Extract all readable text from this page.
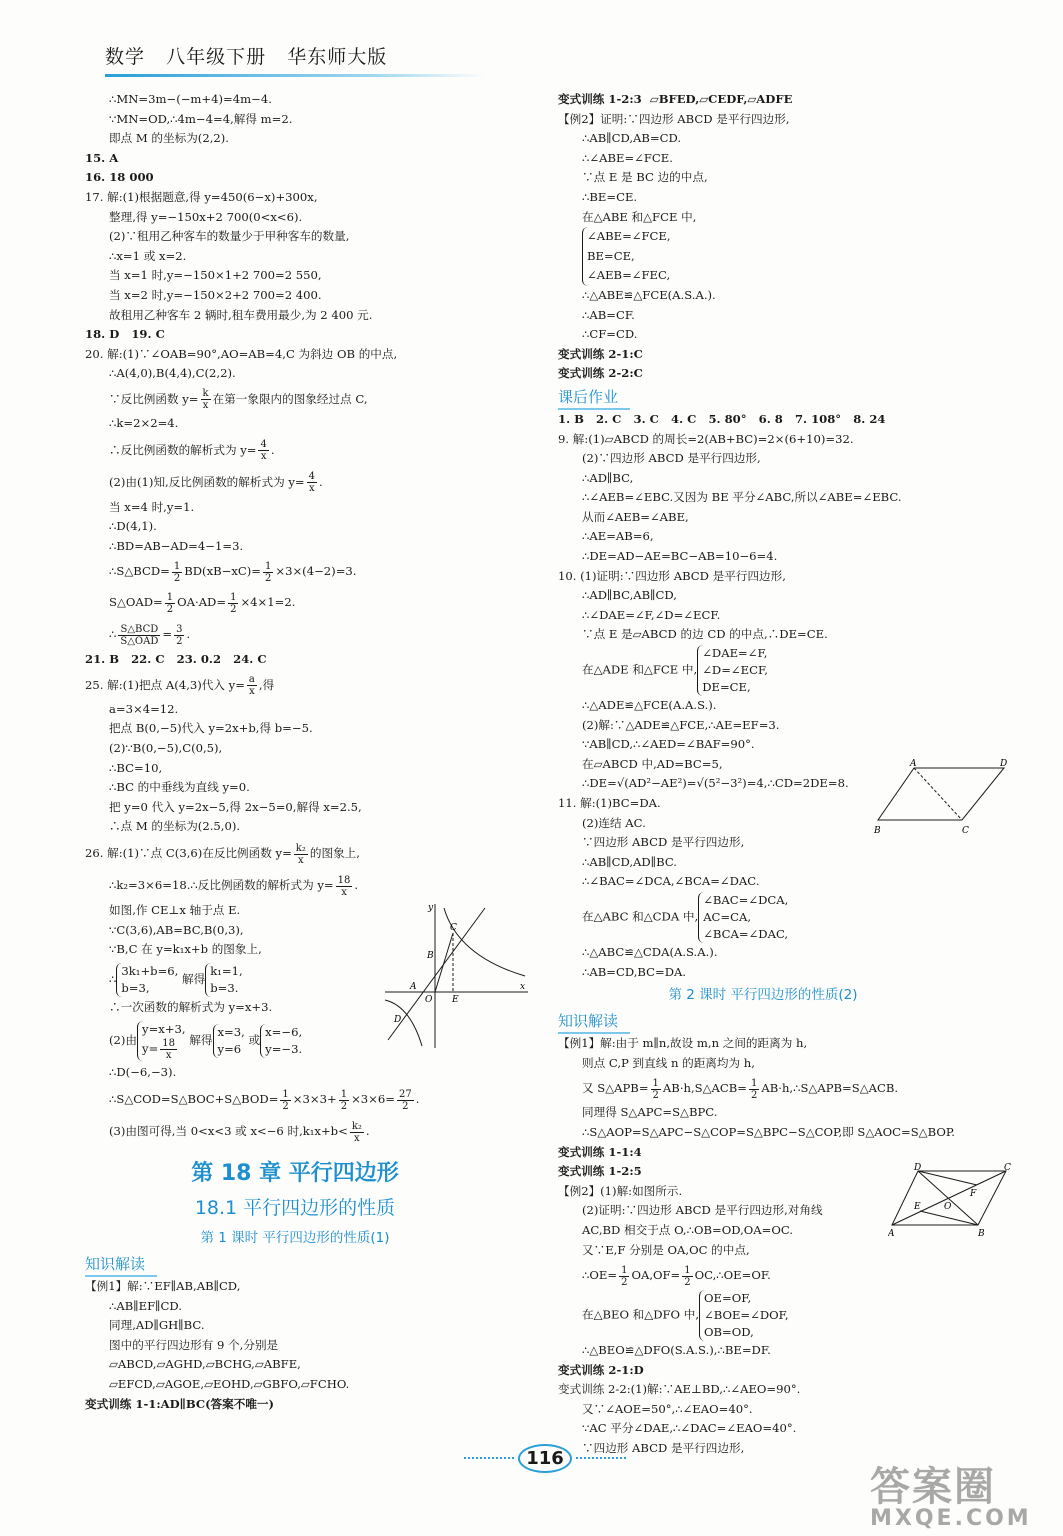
数学   八年级下册   华东师大版
∴MN=3m−(−m+4)=4m−4.
∵MN=OD,∴4m−4=4,解得 m=2.
即点 M 的坐标为(2,2).
15. A
16. 18 000
17. 解:(1)根据题意,得 y=450(6−x)+300x,
整理,得 y=−150x+2 700(0<x<6).
(2)∵租用乙种客车的数量少于甲种客车的数量,
∴x=1 或 x=2.
当 x=1 时,y=−150×1+2 700=2 550,
当 x=2 时,y=−150×2+2 700=2 400.
故租用乙种客车 2 辆时,租车费用最少,为 2 400 元.
18. D   19. C
20. 解:(1)∵∠OAB=90°,AO=AB=4,C 为斜边 OB 的中点,
∴A(4,0),B(4,4),C(2,2).
∵反比例函数 $y= \frac{k}{x}$ 在第一象限内的图象经过点 C,
∴k=2×2=4.
∴反比例函数的解析式为 $y= \frac{4}{x}$ .
(2)由(1)知,反比例函数的解析式为 $y= \frac{4}{x}$ .
当 x=4 时,y=1.
∴D(4,1).
∴BD=AB−AD=4−1=3.
∴S△BCD= $\frac{1}{2} BD(xB-xC)= \frac{1}{2} \times 3\times(4-2)=3$.
S△OAD= $\frac{1}{2} OA\cdot AD= \frac{1}{2} \times 4\times 1=2$.
∴ $\frac{\text{S△BCD}}{\text{S△OAD}} = \frac{3}{2}$ .
21. B   22. C   23. 0.2   24. C
25. 解:(1)把点 A(4,3)代入 $y= \frac{a}{x}$ ,得
a=3×4=12.
把点 B(0,−5)代入 y=2x+b,得 b=−5.
(2)∵B(0,−5),C(0,5),
∴BC=10,
∴BC 的中垂线为直线 y=0.
把 y=0 代入 y=2x−5,得 2x−5=0,解得 x=2.5,
∴点 M 的坐标为(2.5,0).
26. 解:(1)∵点 C(3,6)在反比例函数 $y= \frac{\text{k₂}}{x}$ 的图象上,
∴k₂=3×6=18.∴反比例函数的解析式为 $y= \frac{18}{x}$ .
如图,作 CE⊥x 轴于点 E.
∵C(3,6),AB=BC,B(0,3),
∵B,C 在 y=k₁x+b 的图象上,
∴
3k₁+b=6,
b=3,
解得
k₁=1,
b=3.
∴一次函数的解析式为 y=x+3.
(2)由
y=x+3,
$y= \frac{18}{x}$ 解得
x=3,
y=6
或
x=−6,
y=−3.
∴D(−6,−3).
∴S△COD=S△BOC+S△BOD= $\frac{1}{2} \times 3\times 3+ \frac{1}{2} \times 3\times 6= \frac{27}{2}$ .
(3)由图可得,当 0<x<3 或 x<−6 时$,k_1x+b< \frac{\text{k₂}}{x}$ .
第 18 章 平行四边形
18.1 平行四边形的性质
第 1 课时 平行四边形的性质(1)
知识解读
【例1】解:∵EF∥AB,AB∥CD,
∴AB∥EF∥CD.
同理,AD∥GH∥BC.
图中的平行四边形有 9 个,分别是
▱ABCD,▱AGHD,▱BCHG,▱ABFE,
▱EFCD,▱AGOE,▱EOHD,▱GBFO,▱FCHO.
变式训练 1-1:AD∥BC(答案不唯一)
y
x
O E
A
B
C
D
变式训练 1-2:3  ▱BFED,▱CEDF,▱ADFE
【例2】证明:∵四边形 ABCD 是平行四边形,
∴AB∥CD,AB=CD.
∴∠ABE=∠FCE.
∵点 E 是 BC 边的中点,
∴BE=CE.
在△ABE 和△FCE 中,
∠ABE=∠FCE,
BE=CE,
∠AEB=∠FEC,
∴△ABE≌△FCE(A.S.A.).
∴AB=CF.
∴CF=CD.
变式训练 2-1:C
变式训练 2-2:C
课后作业
1. B   2. C   3. C   4. C   5. 80°   6. 8   7. 108°   8. 24
9. 解:(1)▱ABCD 的周长=2(AB+BC)=2×(6+10)=32.
(2)∵四边形 ABCD 是平行四边形,
∴AD∥BC,
∴∠AEB=∠EBC.又因为 BE 平分∠ABC,所以∠ABE=∠EBC.
从而∠AEB=∠ABE,
∴AE=AB=6,
∴DE=AD−AE=BC−AB=10−6=4.
10. (1)证明:∵四边形 ABCD 是平行四边形,
∴AD∥BC,AB∥CD,
∴∠DAE=∠F,∠D=∠ECF.
∵点 E 是▱ABCD 的边 CD 的中点,∴DE=CE.
在△ADE 和△FCE 中,
∠DAE=∠F,
∠D=∠ECF,
DE=CE,
∴△ADE≌△FCE(A.A.S.).
(2)解:∵△ADE≌△FCE,∴AE=EF=3.
∵AB∥CD,∴∠AED=∠BAF=90°.
在▱ABCD 中,AD=BC=5,
∴DE=√(AD²−AE²)=√(5²−3²)=4,∴CD=2DE=8.
11. 解:(1)BC=DA.
(2)连结 AC.
∵四边形 ABCD 是平行四边形,
∴AB∥CD,AD∥BC.
∴∠BAC=∠DCA,∠BCA=∠DAC.
在△ABC 和△CDA 中,
∠BAC=∠DCA,
AC=CA,
∠BCA=∠DAC,
∴△ABC≌△CDA(A.S.A.).
∴AB=CD,BC=DA.
第 2 课时 平行四边形的性质(2)
知识解读
【例1】解:由于 m∥n,故设 m,n 之间的距离为 h,
则点 C,P 到直线 n 的距离均为 h,
又 S△APB= $\frac{1}{2}$ AB·h,S△ACB= $\frac{1}{2}$ AB·h,∴S△APB=S△ACB.
同理得 S△APC=S△BPC.
∴S△AOP=S△APC−S△COP=S△BPC−S△COP,即 S△AOC=S△BOP.
变式训练 1-1:4
变式训练 1-2:5
【例2】(1)解:如图所示.
(2)证明:∵四边形 ABCD 是平行四边形,对角线
AC,BD 相交于点 O,∴OB=OD,OA=OC.
又∵E,F 分别是 OA,OC 的中点,
∴OE= $\frac{1}{2} OA,OF= \frac{1}{2}$ OC,∴OE=OF.
在△BEO 和△DFO 中,
OE=OF,
∠BOE=∠DOF,
OB=OD,
∴△BEO≌△DFO(S.A.S.),∴BE=DF.
变式训练 2-1:D
变式训练 2-2:(1)解:∵AE⊥BD,∴∠AEO=90°.
又∵∠AOE=50°,∴∠EAO=40°.
∵AC 平分∠DAE,∴∠DAC=∠EAO=40°.
∵四边形 ABCD 是平行四边形,
A	D
B	C
D	C
A	B
E
F
O
116
答案圈
MXQE.COM
